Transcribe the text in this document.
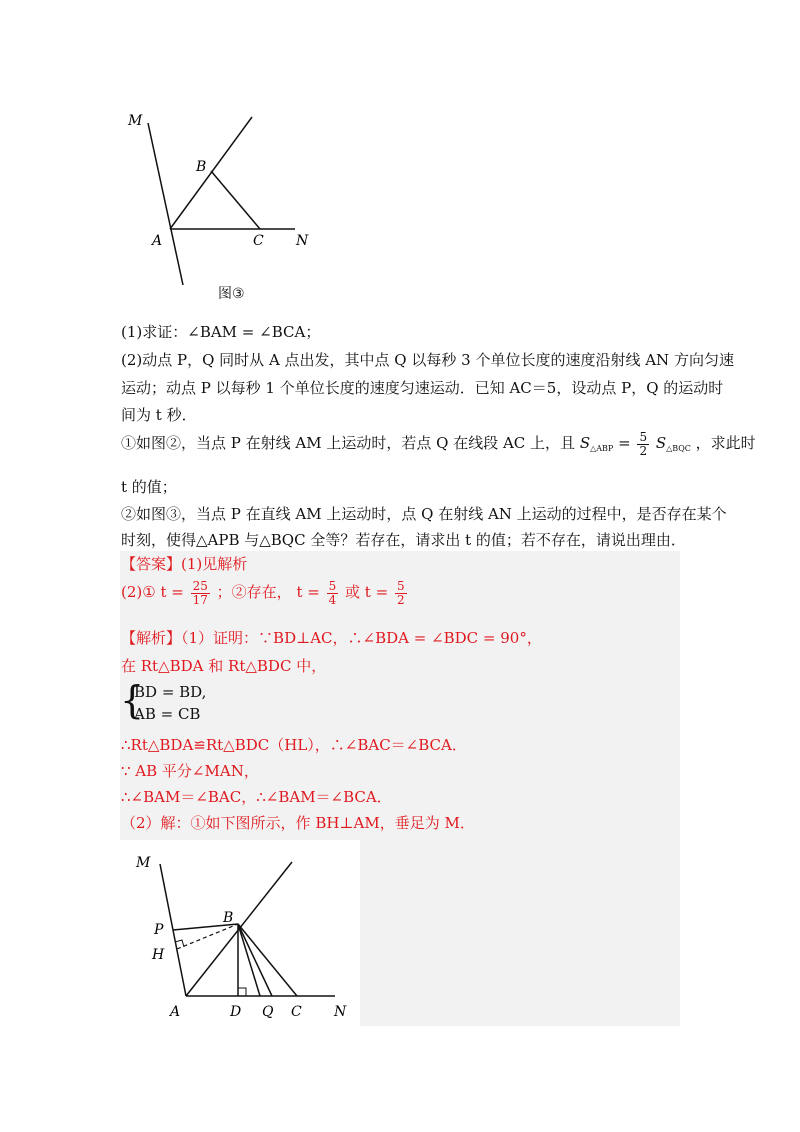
M
B
A	C N
图③
(1)求证：∠BAM = ∠BCA；
(2)动点 P，Q 同时从 A 点出发，其中点 Q 以每秒 3 个单位长度的速度沿射线 AN 方向匀速
运动；动点 P 以每秒 1 个单位长度的速度匀速运动．已知 AC＝5，设动点 P，Q 的运动时
间为 t 秒．
①如图②，当点 P 在射线 AM 上运动时，若点 Q 在线段 AC 上，且 $S_{\triangle ABP} = \frac{5}{2} S_{\triangle BQC}$ ，求此时
t 的值；
②如图③，当点 P 在直线 AM 上运动时，点 Q 在射线 AN 上运动的过程中，是否存在某个
时刻，使得△APB 与△BQC 全等？若存在，请求出 t 的值；若不存在，请说出理由．
【答案】(1)见解析
(2)① $t = \frac{25}{17}$ ；②存在， $t = \frac{5}{4}$ 或 $t = \frac{5}{2}$
【解析】（1）证明：∵BD⊥AC，∴∠BDA = ∠BDC = 90°，
在 Rt△BDA 和 Rt△BDC 中，
{
BD = BD,
AB = CB
∴Rt△BDA≌Rt△BDC（HL），∴∠BAC＝∠BCA．
∵ AB 平分∠MAN，
∴∠BAM＝∠BAC，∴∠BAM＝∠BCA．
（2）解：①如下图所示，作 BH⊥AM，垂足为 M．
M
P
B
H
A	D Q C N
